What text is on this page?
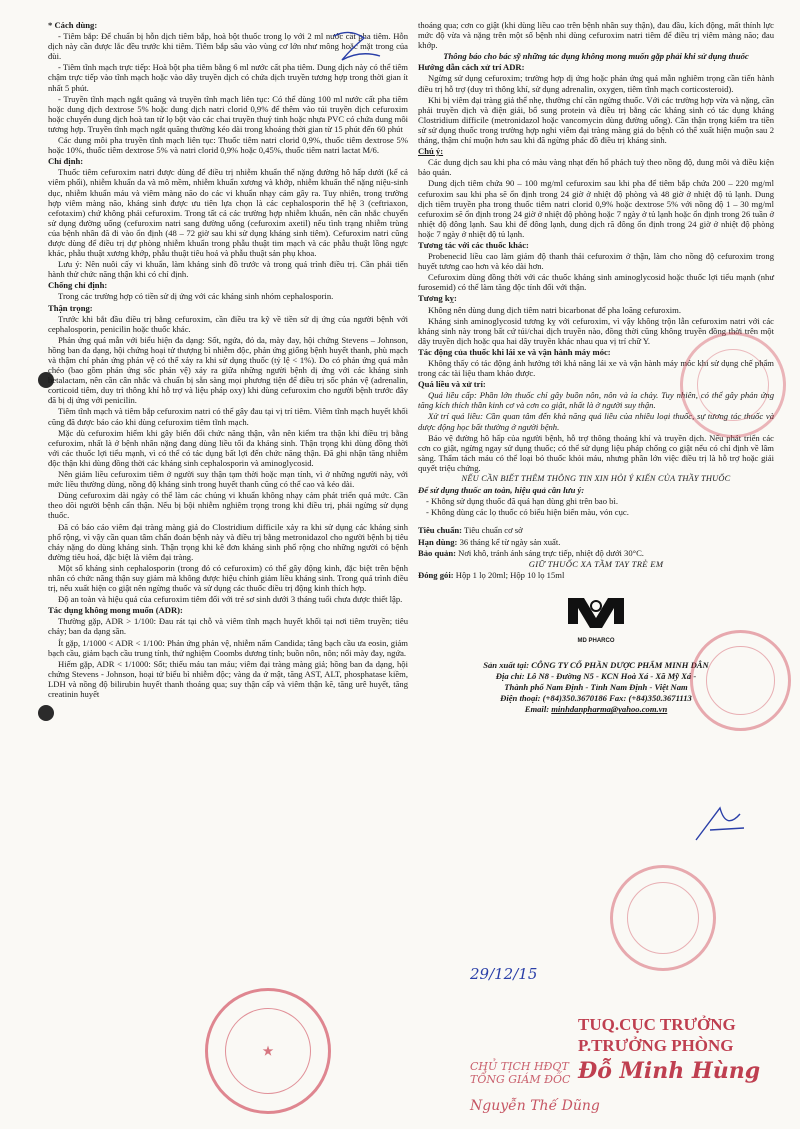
* Cách dùng:

- Tiêm bắp: Để chuẩn bị hỗn dịch tiêm bắp, hoà bột thuốc trong lọ với 2 ml nước cất pha tiêm. Hỗn dịch này cần được lắc đều trước khi tiêm. Tiêm bắp sâu vào vùng cơ lớn như mông hoặc mặt trong của đùi.

- Tiêm tĩnh mạch trực tiếp: Hoà bột pha tiêm bằng 6 ml nước cất pha tiêm. Dung dịch này có thể tiêm chậm trực tiếp vào tĩnh mạch hoặc vào dây truyền dịch có chứa dịch truyền tương hợp trong thời gian ít nhất 5 phút.

- Truyền tĩnh mạch ngắt quãng và truyền tĩnh mạch liên tục: Có thể dùng 100 ml nước cất pha tiêm hoặc dung dịch dextrose 5% hoặc dung dịch natri clorid 0,9% để thêm vào túi truyền dịch cefuroxim hoặc chuyển dung dịch hoà tan từ lọ bột vào các chai truyền thuỷ tinh hoặc nhựa PVC có chứa dung môi tương hợp. Truyền tĩnh mạch ngắt quãng thường kéo dài trong khoảng thời gian từ 15 phút đến 60 phút

Các dung môi pha truyền tĩnh mạch liên tục: Thuốc tiêm natri clorid 0,9%, thuốc tiêm dextrose 5% hoặc 10%, thuốc tiêm dextrose 5% và natri clorid 0,9% hoặc 0,45%, thuốc tiêm natri lactat M/6.

Chỉ định:

Thuốc tiêm cefuroxim natri được dùng để điều trị nhiễm khuẩn thể nặng đường hô hấp dưới (kể cả viêm phổi), nhiễm khuẩn da và mô mềm, nhiễm khuẩn xương và khớp, nhiễm khuẩn thể nặng niệu-sinh dục, nhiễm khuẩn máu và viêm màng não do các vi khuẩn nhạy cảm gây ra. Tuy nhiên, trong trường hợp viêm màng não, kháng sinh được ưu tiên lựa chọn là các cephalosporin thế hệ 3 (ceftriaxon, cefotaxim) chứ không phải cefuroxim. Trong tất cả các trường hợp nhiễm khuẩn, nên cân nhắc chuyển sử dụng đường uống (cefuroxim natri sang đường uống (cefuroxim axetil) nếu tình trạng nhiễm trùng của bệnh nhân đã đi vào ổn định (48 – 72 giờ sau khi sử dụng kháng sinh tiêm). Cefuroxim natri cũng được dùng để điều trị dự phòng nhiễm khuẩn trong phẫu thuật tim mạch và các phẫu thuật lồng ngực khác, phẫu thuật xương khớp, phẫu thuật tiêu hoá và phẫu thuật sản phụ khoa.

Lưu ý: Nên nuôi cấy vi khuẩn, làm kháng sinh đồ trước và trong quá trình điều trị. Cần phải tiến hành thử chức năng thận khi có chỉ định.

Chống chỉ định:

Trong các trường hợp có tiền sử dị ứng với các kháng sinh nhóm cephalosporin.

Thận trọng:

Trước khi bắt đầu điều trị bằng cefuroxim, cần điều tra kỹ về tiền sử dị ứng của người bệnh với cephalosporin, penicilin hoặc thuốc khác.

Phản ứng quá mẫn với biểu hiện đa dạng: Sốt, ngứa, đỏ da, mày đay, hội chứng Stevens – Johnson, hồng ban đa dạng, hội chứng hoại tử thượng bì nhiễm độc, phản ứng giống bệnh huyết thanh, phù mạch và thậm chí phản ứng phản vệ có thể xảy ra khi sử dụng thuốc (tỷ lệ < 1%). Do có phản ứng quá mẫn chéo (bao gồm phản ứng sốc phản vệ) xảy ra giữa những người bệnh dị ứng với các kháng sinh betalactam, nên cần cân nhắc và chuẩn bị sẵn sàng mọi phương tiện để điều trị sốc phản vệ (adrenalin, corticoid tiêm, duy trì thông khí hỗ trợ và liệu pháp oxy) khi dùng cefuroxim cho người bệnh trước đây đã bị dị ứng với penicilin.

Tiêm tĩnh mạch và tiêm bắp cefuroxim natri có thể gây đau tại vị trí tiêm. Viêm tĩnh mạch huyết khối cũng đã được báo cáo khi dùng cefuroxim tiêm tĩnh mạch.

Mặc dù cefuroxim hiếm khi gây biến đổi chức năng thận, vẫn nên kiểm tra thận khi điều trị bằng cefuroxim, nhất là ở bệnh nhân nặng đang dùng liều tối đa kháng sinh. Thận trọng khi dùng đồng thời với các thuốc lợi tiểu mạnh, vì có thể có tác dụng bất lợi đến chức năng thận. Đã ghi nhận tăng nhiễm độc thận khi dùng đồng thời các kháng sinh cephalosporin và aminoglycosid.

Nên giảm liều cefuroxim tiêm ở người suy thận tạm thời hoặc mạn tính, vì ở những người này, với mức liều thường dùng, nồng độ kháng sinh trong huyết thanh cũng có thể cao và kéo dài.

Dùng cefuroxim dài ngày có thể làm các chủng vi khuẩn không nhạy cảm phát triển quá mức. Cần theo dõi người bệnh cẩn thận. Nếu bị bội nhiễm nghiêm trọng trong khi điều trị, phải ngừng sử dụng thuốc.

Đã có báo cáo viêm đại tràng màng giả do Clostridium difficile xảy ra khi sử dụng các kháng sinh phổ rộng, vì vậy cần quan tâm chẩn đoán bệnh này và điều trị bằng metronidazol cho người bệnh bị tiêu chảy nặng do dùng kháng sinh. Thận trọng khi kê đơn kháng sinh phổ rộng cho những người có bệnh đường tiêu hoá, đặc biệt là viêm đại tràng.

Một số kháng sinh cephalosporin (trong đó có cefuroxim) có thể gây động kinh, đặc biệt trên bệnh nhân có chức năng thận suy giảm mà không được hiệu chỉnh giảm liều kháng sinh. Trong quá trình điều trị, nếu xuất hiện co giật nên ngừng thuốc và sử dụng các thuốc điều trị động kinh thích hợp.

Độ an toàn và hiệu quả của cefuroxim tiêm đối với trẻ sơ sinh dưới 3 tháng tuổi chưa được thiết lập.

Tác dụng không mong muốn (ADR):

Thường gặp, ADR > 1/100: Đau rát tại chỗ và viêm tĩnh mạch huyết khối tại nơi tiêm truyền; tiêu chảy; ban da dạng sần.

Ít gặp, 1/1000 < ADR < 1/100: Phản ứng phản vệ, nhiễm nấm Candida; tăng bạch cầu ưa eosin, giảm bạch cầu, giảm bạch cầu trung tính, thử nghiệm Coombs dương tính; buồn nôn, nôn; nổi mày đay, ngứa.

Hiếm gặp, ADR < 1/1000: Sốt; thiếu máu tan máu; viêm đại tràng màng giả; hồng ban đa dạng, hội chứng Stevens - Johnson, hoại tử biểu bì nhiễm độc; vàng da ứ mật, tăng AST, ALT, phosphatase kiềm, LDH và nồng độ bilirubin huyết thanh thoáng qua; suy thận cấp và viêm thận kẽ, tăng urê huyết, tăng creatinin huyết

thoáng qua; cơn co giật (khi dùng liều cao trên bệnh nhân suy thận), đau đầu, kích động, mất thính lực mức độ vừa và nặng trên một số bệnh nhi dùng cefuroxim natri tiêm để điều trị viêm màng não; đau khớp.

Thông báo cho bác sỹ những tác dụng không mong muốn gặp phải khi sử dụng thuốc

Hướng dẫn cách xử trí ADR:

Ngừng sử dụng cefuroxim; trường hợp dị ứng hoặc phản ứng quá mẫn nghiêm trọng cần tiến hành điều trị hỗ trợ (duy trì thông khí, sử dụng adrenalin, oxygen, tiêm tĩnh mạch corticosteroid).

Khi bị viêm đại tràng giả thể nhẹ, thường chỉ cần ngừng thuốc. Với các trường hợp vừa và nặng, cần phải truyền dịch và điện giải, bổ sung protein và điều trị bằng các kháng sinh có tác dụng kháng Clostridium difficile (metronidazol hoặc vancomycin dùng đường uống). Cần thận trọng kiểm tra tiền sử sử dụng thuốc trong trường hợp nghi viêm đại tràng màng giả do bệnh có thể xuất hiện muộn sau 2 tháng, thậm chí muộn hơn sau khi đã ngừng phác đồ điều trị kháng sinh.

Chú ý:

Các dung dịch sau khi pha có màu vàng nhạt đến hổ phách tuỳ theo nồng độ, dung môi và điều kiện bảo quản.

Dung dịch tiêm chứa 90 – 100 mg/ml cefuroxim sau khi pha để tiêm bắp chứa 200 – 220 mg/ml cefuroxim sau khi pha sẽ ổn định trong 24 giờ ở nhiệt độ phòng và 48 giờ ở nhiệt độ tủ lạnh. Dung dịch tiêm truyền pha trong thuốc tiêm natri clorid 0,9% hoặc dextrose 5% với nồng độ 1 – 30 mg/ml cefuroxim sẽ ổn định trong 24 giờ ở nhiệt độ phòng hoặc 7 ngày ở tủ lạnh hoặc ổn định trong 26 tuần ở nhiệt độ đông lạnh. Sau khi để đông lạnh, dung dịch rã đông ổn định trong 24 giờ ở nhiệt độ phòng hoặc 7 ngày ở nhiệt độ tủ lạnh.

Tương tác với các thuốc khác:

Probenecid liều cao làm giảm độ thanh thải cefuroxim ở thận, làm cho nồng độ cefuroxim trong huyết tương cao hơn và kéo dài hơn.

Cefuroxim dùng đồng thời với các thuốc kháng sinh aminoglycosid hoặc thuốc lợi tiểu mạnh (như furosemid) có thể làm tăng độc tính đối với thận.

Tương kỵ:

Không nên dùng dung dịch tiêm natri bicarbonat để pha loãng cefuroxim.

Kháng sinh aminoglycosid tương kỵ với cefuroxim, vì vậy không trộn lẫn cefuroxim natri với các kháng sinh này trong bất cứ túi/chai dịch truyền nào, đồng thời cũng không truyền đồng thời trên một dây truyền dịch hoặc qua hai dây truyền khác nhau qua vị trí chữ Y.

Tác động của thuốc khi lái xe và vận hành máy móc:

Không thấy có tác động ảnh hưởng tới khả năng lái xe và vận hành máy móc khi sử dụng chế phẩm trong các tài liệu tham khảo được.

Quá liều và xử trí:

Quá liều cấp: Phần lớn thuốc chỉ gây buồn nôn, nôn và ỉa chảy. Tuy nhiên, có thể gây phản ứng tăng kích thích thần kinh cơ và cơn co giật, nhất là ở người suy thận.

Xử trí quá liều: Cần quan tâm đến khả năng quá liều của nhiều loại thuốc, sự tương tác thuốc và dược động học bất thường ở người bệnh.

Bảo vệ đường hô hấp của người bệnh, hỗ trợ thông thoáng khí và truyền dịch. Nếu phát triển các cơn co giật, ngừng ngay sử dụng thuốc; có thể sử dụng liệu pháp chống co giật nếu có chỉ định về lâm sàng. Thẩm tách máu có thể loại bỏ thuốc khỏi máu, nhưng phần lớn việc điều trị là hỗ trợ hoặc giải quyết triệu chứng.

NẾU CẦN BIẾT THÊM THÔNG TIN XIN HỎI Ý KIẾN CỦA THẦY THUỐC

Để sử dụng thuốc an toàn, hiệu quả cần lưu ý:

- Không sử dụng thuốc đã quá hạn dùng ghi trên bao bì.

- Không dùng các lọ thuốc có biểu hiện biến màu, vón cục.

Tiêu chuẩn: Tiêu chuẩn cơ sở

Hạn dùng: 36 tháng kể từ ngày sản xuất.

Bảo quản: Nơi khô, tránh ánh sáng trực tiếp, nhiệt độ dưới 30°C.

GIỮ THUỐC XA TẦM TAY TRẺ EM

Đóng gói: Hộp 1 lọ 20ml; Hộp 10 lọ 15ml

MD PHARCO
Sản xuất tại: CÔNG TY CỔ PHẦN DƯỢC PHẨM MINH DÂN
Địa chỉ: Lô N8 - Đường N5 - KCN Hoà Xá - Xã Mỹ Xá -
Thành phố Nam Định - Tỉnh Nam Định - Việt Nam
Điện thoại: (+84)350.3670186 Fax: (+84)350.3671113
Email: minhdanpharma@yahoo.com.vn
★
29/12/15
TUQ.CỤC TRƯỞNG
P.TRƯỞNG PHÒNG
Đỗ Minh Hùng
CHỦ TỊCH HĐQT
TỔNG GIÁM ĐỐC
Nguyễn Thế Dũng
